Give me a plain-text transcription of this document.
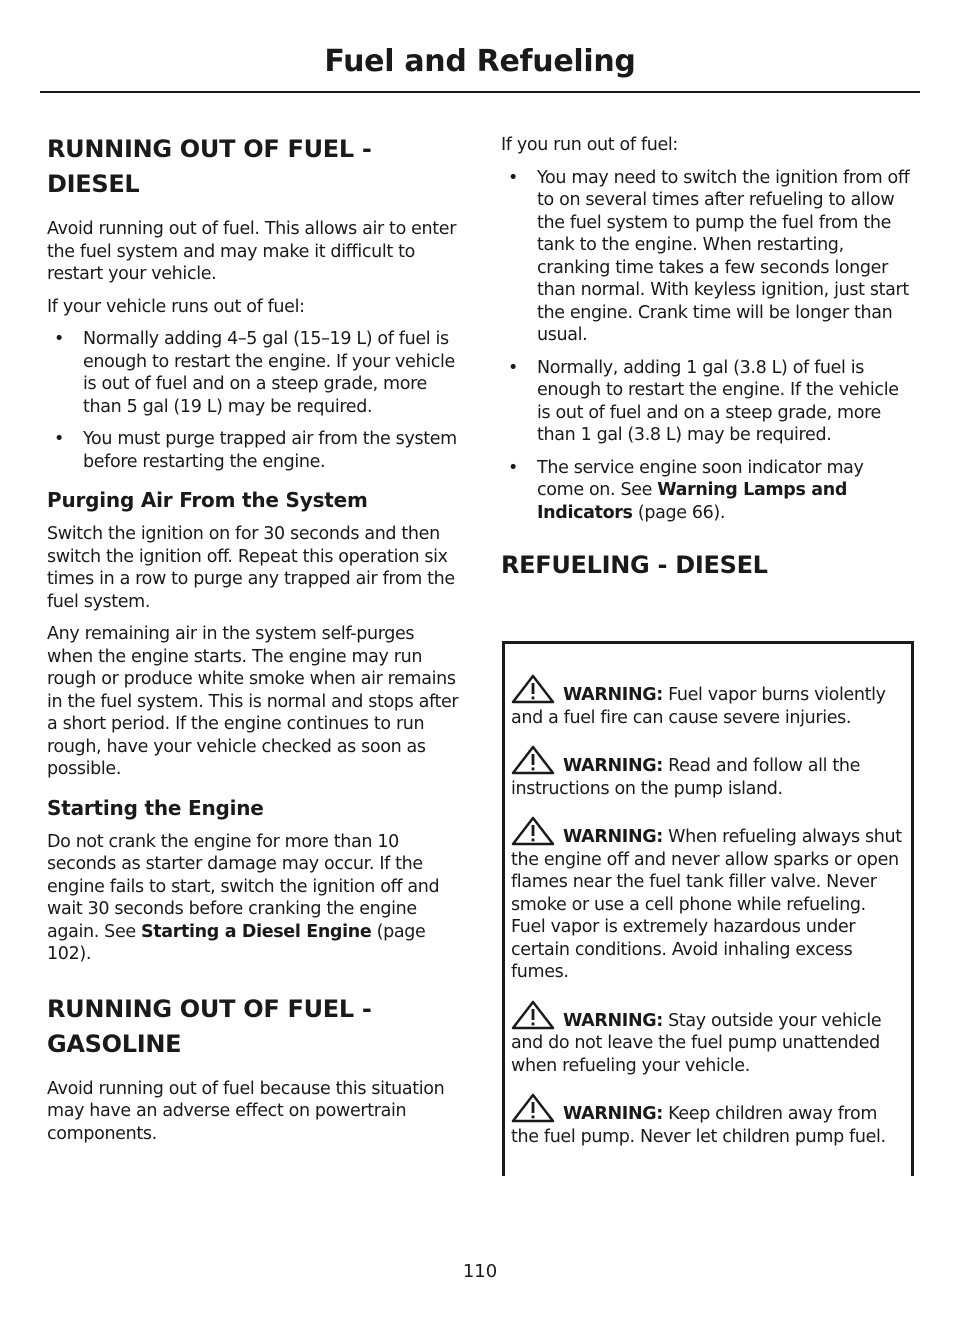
Fuel and Refueling
RUNNING OUT OF FUEL -
DIESEL

Avoid running out of fuel. This allows air to enter the fuel system and may make it difficult to restart your vehicle.

If your vehicle runs out of fuel:

• Normally adding 4–5 gal (15–19 L) of fuel is enough to restart the engine. If your vehicle is out of fuel and on a steep grade, more than 5 gal (19 L) may be required.
• You must purge trapped air from the system before restarting the engine.
Purging Air From the System

Switch the ignition on for 30 seconds and then switch the ignition off. Repeat this operation six times in a row to purge any trapped air from the fuel system.

Any remaining air in the system self-purges when the engine starts. The engine may run rough or produce white smoke when air remains in the fuel system. This is normal and stops after a short period. If the engine continues to run rough, have your vehicle checked as soon as possible.

Starting the Engine

Do not crank the engine for more than 10 seconds as starter damage may occur. If the engine fails to start, switch the ignition off and wait 30 seconds before cranking the engine again. See Starting a Diesel Engine (page 102).

RUNNING OUT OF FUEL -
GASOLINE

Avoid running out of fuel because this situation may have an adverse effect on powertrain components.

If you run out of fuel:

• You may need to switch the ignition from off to on several times after refueling to allow the fuel system to pump the fuel from the tank to the engine. When restarting, cranking time takes a few seconds longer than normal. With keyless ignition, just start the engine. Crank time will be longer than usual.
• Normally, adding 1 gal (3.8 L) of fuel is enough to restart the engine. If the vehicle is out of fuel and on a steep grade, more than 1 gal (3.8 L) may be required.
• The service engine soon indicator may come on. See Warning Lamps and Indicators (page 66).
REFUELING - DIESEL

WARNING: Fuel vapor burns violently and a fuel fire can cause severe injuries.

WARNING: Read and follow all the instructions on the pump island.

WARNING: When refueling always shut the engine off and never allow sparks or open flames near the fuel tank filler valve. Never smoke or use a cell phone while refueling. Fuel vapor is extremely hazardous under certain conditions. Avoid inhaling excess fumes.

WARNING: Stay outside your vehicle and do not leave the fuel pump unattended when refueling your vehicle.

WARNING: Keep children away from the fuel pump. Never let children pump fuel.

110
